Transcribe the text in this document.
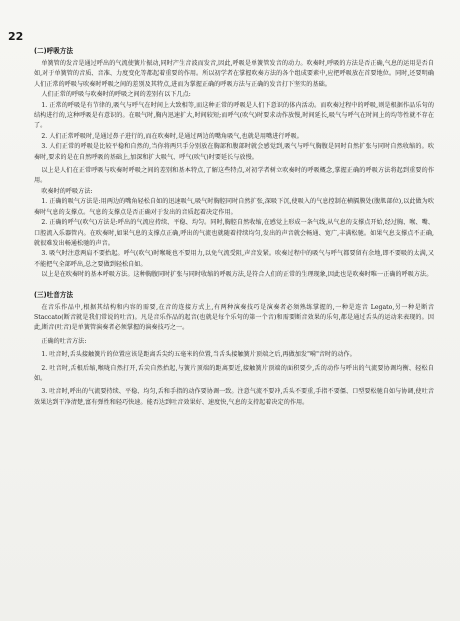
22
(二)呼吸方法

单簧管的发音是通过呼出的气流使簧片振动,同时产生音波而发音,因此,呼吸是单簧管发音的动力。吹奏时,呼吸的方法是否正确,气息的运用是否自如,对于单簧管的音质、音准、力度变化等都起着重要的作用。所以初学者在掌握吹奏方法的各个组成要素中,应把呼吸放在首要地位。同时,还要明确人们正常的呼吸与吹奏时呼吸之间的差别及其特点,进而为掌握正确的呼吸方法与正确的发音打下坚实的基础。

人们正常的呼吸与吹奏时的呼吸之间的差别有以下几点:

1. 正常的呼吸是有节律的,吸气与呼气在时间上大致相等,而这种正常的呼吸是人们下意识的体内活动。而吹奏过程中的呼吸,则是根据作品乐句的结构进行的,这种呼吸是有意识的。在吸气时,胸内迅速扩大,时间较短;而呼气(吹气)时要求动作放慢,时间延长,吸气与呼气在时间上的均等性就不存在了。

2. 人们正常呼吸时,是通过鼻子进行的,而在吹奏时,是通过两边的嘴角吸气,也就是用嘴进行呼吸。

3. 人们正常的呼吸是比较平稳和自然的,当你将两只手分别放在胸部和腹部时就会感觉到,吸气与呼气胸腹是同时自然扩张与同时自然收缩的。吹奏时,要求的是在自然呼吸的基础上,加深和扩大吸气、呼气(吹气)时要延长与放慢。

以上是人们在正常呼吸与吹奏时呼吸之间的差别和基本特点,了解这些特点,对初学者树立吹奏时的呼吸概念,掌握正确的呼吸方法将起到重要的作用。

吹奏时的呼吸方法:

1. 正确的吸气方法是:用两边的嘴角轻松自如的迅速吸气,吸气时胸腔同时自然扩张,深吸下沉,使吸入的气息控制在横膈膜处(腹肌部位),以此做为吹奏时气息的支撑点。气息的支撑点是否正确对于发出的音质起着决定作用。

2. 正确的呼气(吹气)方法是:呼出的气流应持续、平稳、均匀。同时,胸腔自然收缩,在感觉上形成一条气线,从气息的支撑点开始,经过胸、喉、嘴、口腔流入乐器管内。在吹奏时,如果气息的支撑点正确,呼出的气流也就随着持续均匀,发出的声音就会畅通、宽广,丰满松驰。如果气息支撑点不正确,就很难发出畅通松驰的声音。

3. 吸气时注意两肩不要抬起。呼气(吹气)时喉咙也不要用力,以免气流受阻,声音发紧。吹奏过程中的吸气与呼气都要留有余地,即不要吸的太满,又不能把气全部呼出,总之要做到轻松自如。

以上是在吹奏时的基本呼吸方法。这种胸腹同时扩张与同时收缩的呼吸方法,是符合人们的正常的生理现象,因此也是吹奏时唯一正确的呼吸方法。

(三)吐音方法

在音乐作品中,根据其结构和内容的需要,在音的连接方式上,有两种演奏技巧是演奏者必须熟练掌握的,一种是连音 Legato,另一种是断音 Staccato(断音就是我们常说的吐音)。凡是音乐作品的起音(也就是每个乐句的第一个音)和需要断音效果的乐句,都是通过舌头的运动来表现的。因此,断音(吐音)是单簧管演奏者必须掌握的演奏技巧之一。

正确的吐音方法:

1. 吐音时,舌头接触簧片的位置应该是距离舌尖约五毫米的位置,当舌头接触簧片顶端之后,再做加发"嗬"音时的动作。

2. 吐音时,舌根后缩,喉咙自然打开,舌尖自然抬起,与簧片顶端的距离要近,接触簧片顶端的面积要少,舌的动作与呼出的气流要协调均衡、轻松自如。

3. 吐音时,呼出的气流要持续、平稳、均匀,舌和手指的动作要协调一致。注意气流不要冲,舌头不要重,手指不要僵、口型要松驰自如与协调,使吐音效果达到干净清楚,富有弹性和轻巧快速。能否达到吐音效果好、速度快,气息的支持起着决定的作用。
